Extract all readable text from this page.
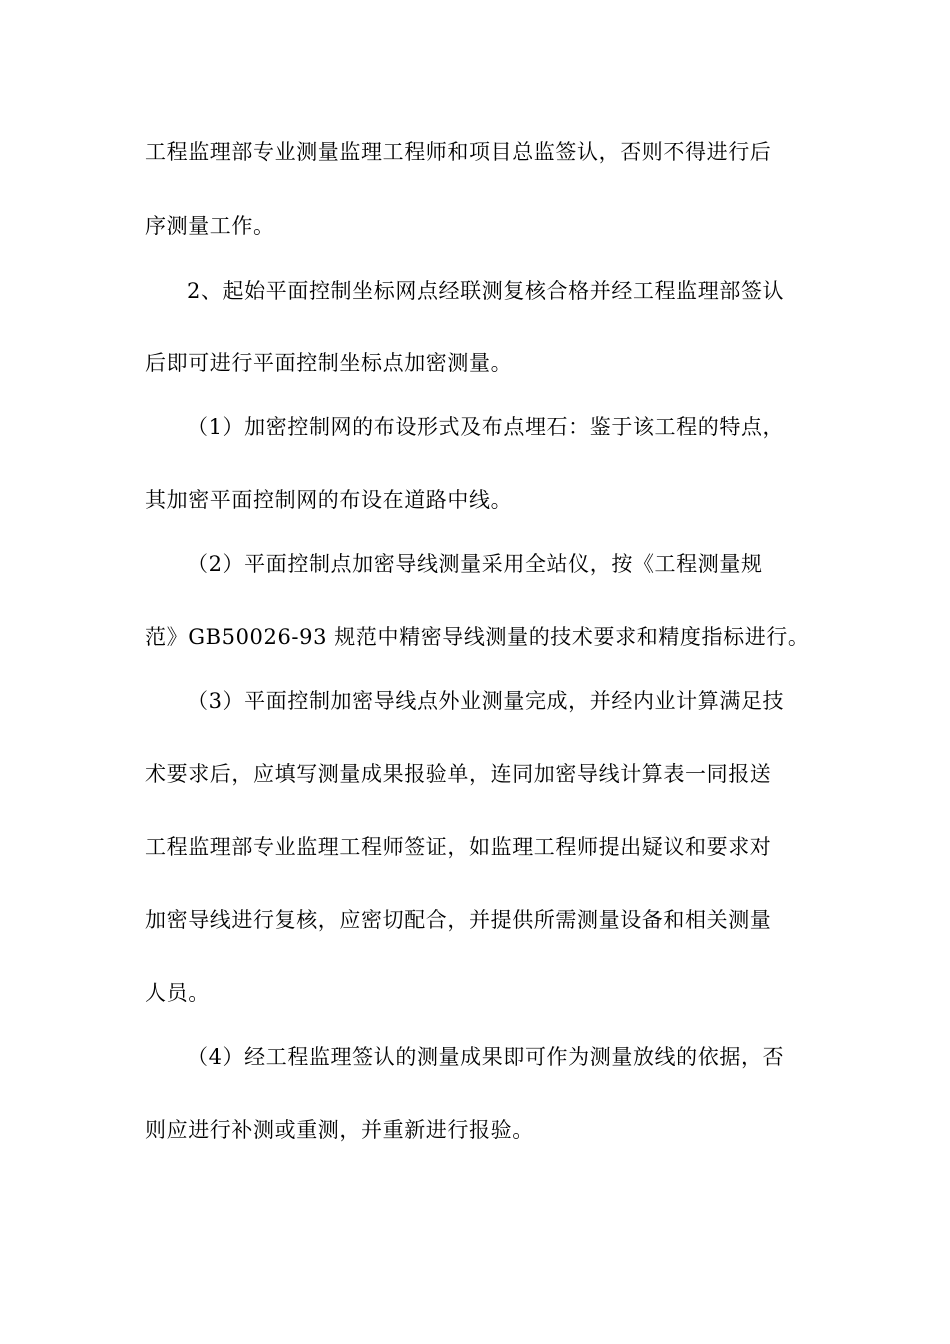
工程监理部专业测量监理工程师和项目总监签认，否则不得进行后
序测量工作。
2、起始平面控制坐标网点经联测复核合格并经工程监理部签认
后即可进行平面控制坐标点加密测量。
（1）加密控制网的布设形式及布点埋石：鉴于该工程的特点，
其加密平面控制网的布设在道路中线。
（2）平面控制点加密导线测量采用全站仪，按《工程测量规
范》GB50026-93 规范中精密导线测量的技术要求和精度指标进行。
（3）平面控制加密导线点外业测量完成，并经内业计算满足技
术要求后，应填写测量成果报验单，连同加密导线计算表一同报送
工程监理部专业监理工程师签证，如监理工程师提出疑议和要求对
加密导线进行复核，应密切配合，并提供所需测量设备和相关测量
人员。
（4）经工程监理签认的测量成果即可作为测量放线的依据，否
则应进行补测或重测，并重新进行报验。
